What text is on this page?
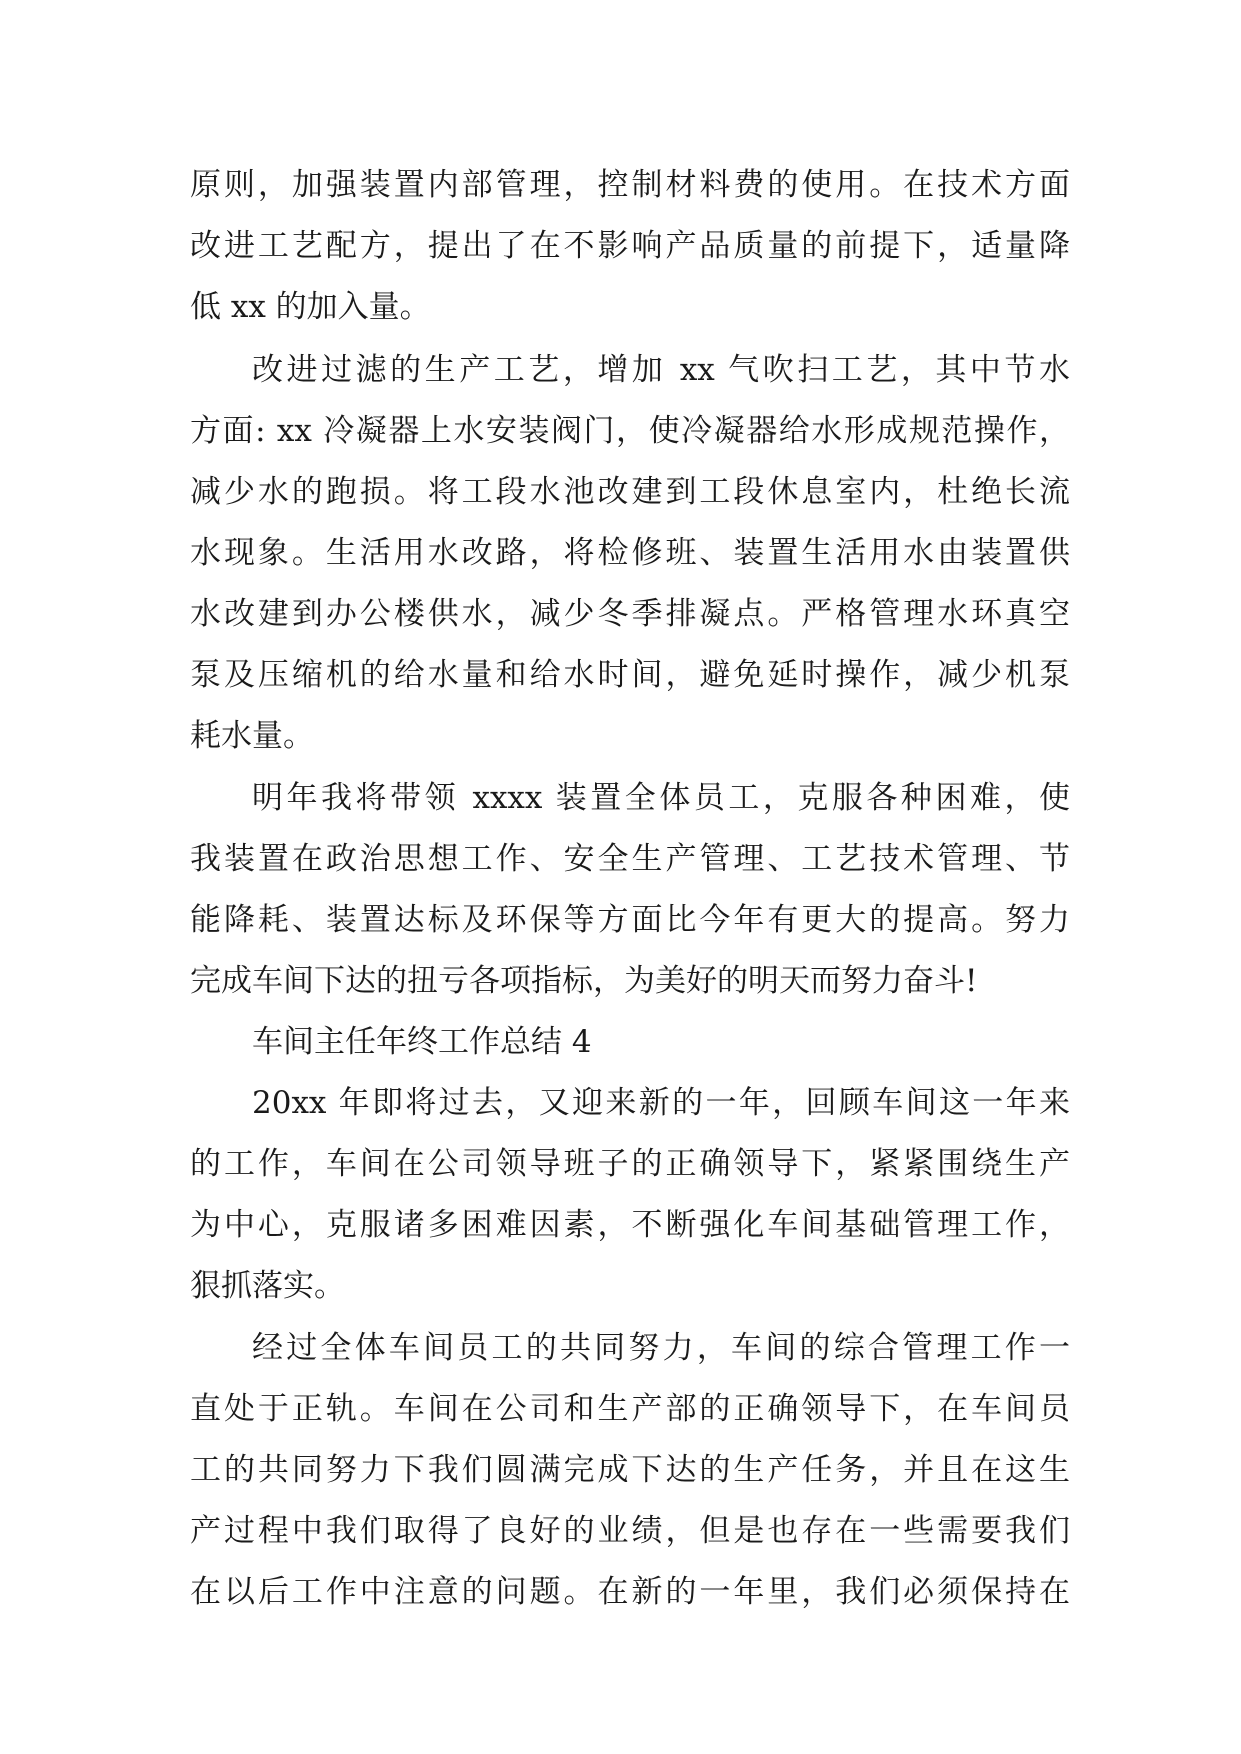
原则，加强装置内部管理，控制材料费的使用。在技术方面
改进工艺配方，提出了在不影响产品质量的前提下，适量降
低 xx 的加入量。
改进过滤的生产工艺，增加 xx 气吹扫工艺，其中节水
方面: xx 冷凝器上水安装阀门，使冷凝器给水形成规范操作，
减少水的跑损。将工段水池改建到工段休息室内，杜绝长流
水现象。生活用水改路，将检修班、装置生活用水由装置供
水改建到办公楼供水，减少冬季排凝点。严格管理水环真空
泵及压缩机的给水量和给水时间，避免延时操作，减少机泵
耗水量。
明年我将带领 xxxx 装置全体员工，克服各种困难，使
我装置在政治思想工作、安全生产管理、工艺技术管理、节
能降耗、装置达标及环保等方面比今年有更大的提高。努力
完成车间下达的扭亏各项指标，为美好的明天而努力奋斗!
车间主任年终工作总结 4
20xx 年即将过去，又迎来新的一年，回顾车间这一年来
的工作，车间在公司领导班子的正确领导下，紧紧围绕生产
为中心，克服诸多困难因素，不断强化车间基础管理工作，
狠抓落实。
经过全体车间员工的共同努力，车间的综合管理工作一
直处于正轨。车间在公司和生产部的正确领导下，在车间员
工的共同努力下我们圆满完成下达的生产任务，并且在这生
产过程中我们取得了良好的业绩，但是也存在一些需要我们
在以后工作中注意的问题。在新的一年里，我们必须保持在
